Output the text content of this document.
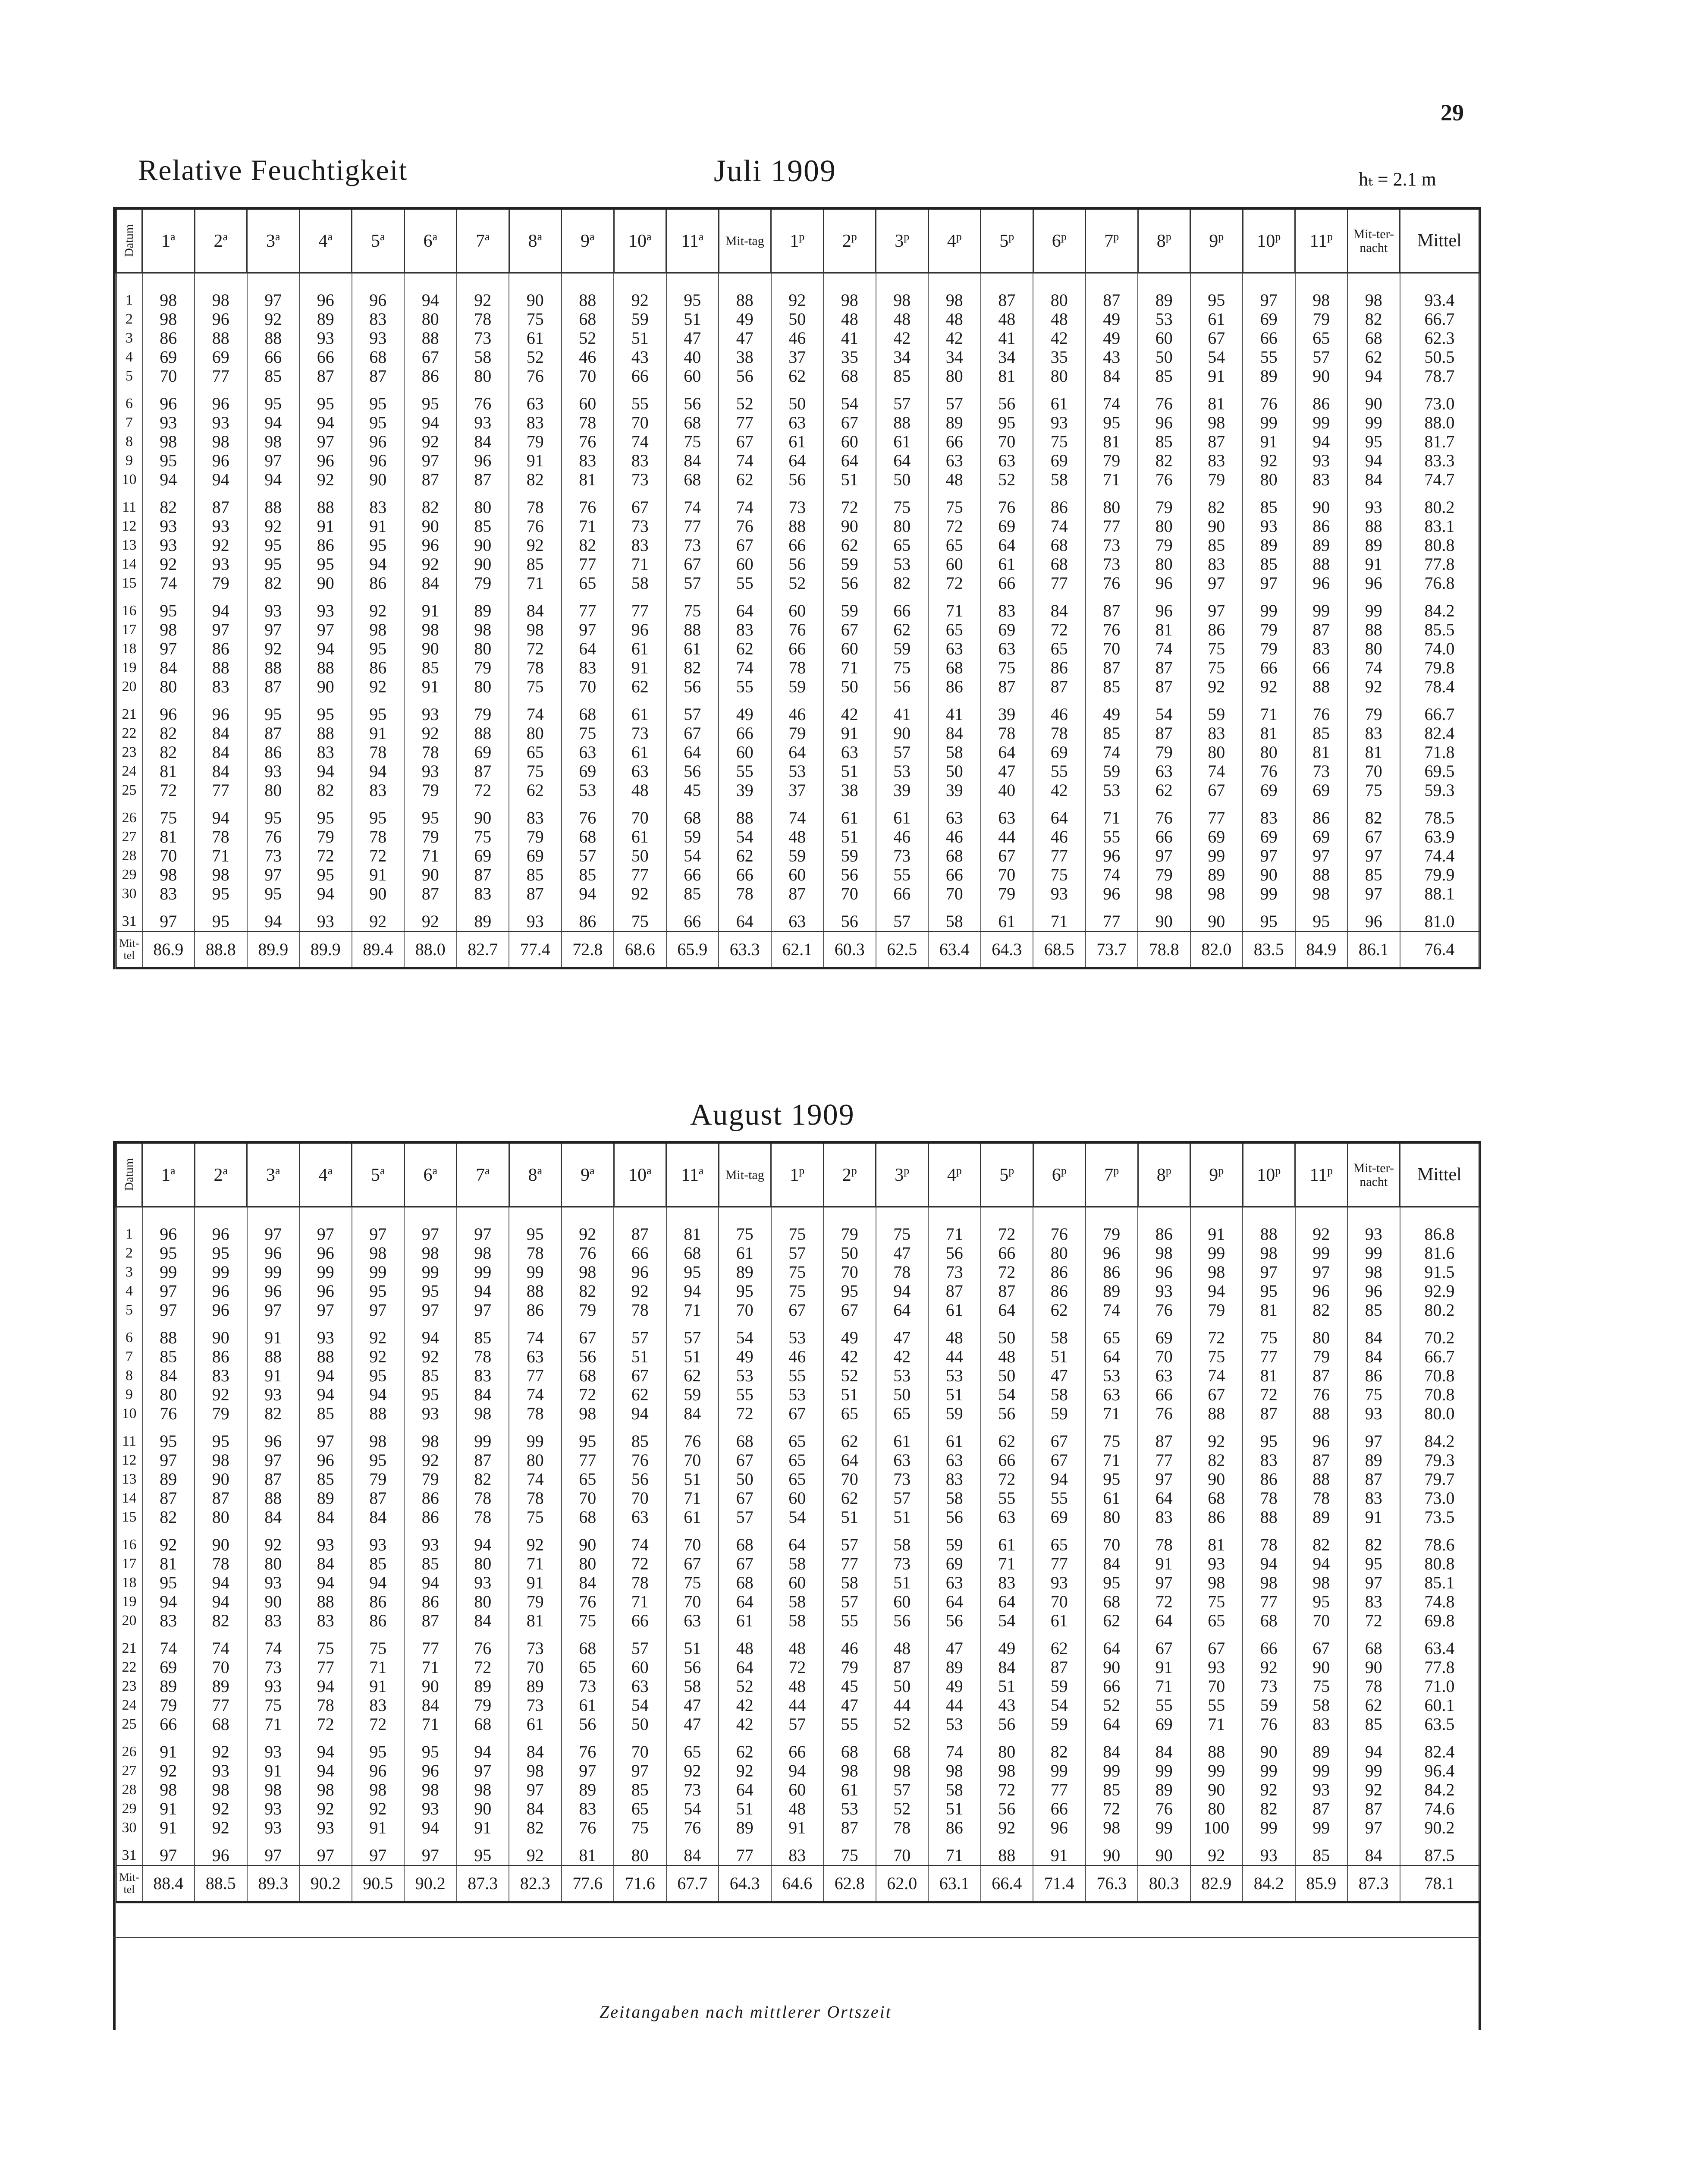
29
Relative Feuchtigkeit	Juli 1909	hₜ = 2.1 m
Datum	1$^a$	2$^a$	3$^a$	4$^a$	5$^a$	6$^a$	7$^a$	8$^a$	9$^a$	10$^a$	11$^a$	Mit-tag	1$^p$	2$^p$	3$^p$	4$^p$	5$^p$	6$^p$	7$^p$	8$^p$	9$^p$	10$^p$	11$^p$	Mit-ter-nacht	Mittel
1	98	98	97	96	96	94	92	90	88	92	95	88	92	98	98	98	87	80	87	89	95	97	98	98	93.4
2	98	96	92	89	83	80	78	75	68	59	51	49	50	48	48	48	48	48	49	53	61	69	79	82	66.7
3	86	88	88	93	93	88	73	61	52	51	47	47	46	41	42	42	41	42	49	60	67	66	65	68	62.3
4	69	69	66	66	68	67	58	52	46	43	40	38	37	35	34	34	34	35	43	50	54	55	57	62	50.5
5	70	77	85	87	87	86	80	76	70	66	60	56	62	68	85	80	81	80	84	85	91	89	90	94	78.7
6	96	96	95	95	95	95	76	63	60	55	56	52	50	54	57	57	56	61	74	76	81	76	86	90	73.0
7	93	93	94	94	95	94	93	83	78	70	68	77	63	67	88	89	95	93	95	96	98	99	99	99	88.0
8	98	98	98	97	96	92	84	79	76	74	75	67	61	60	61	66	70	75	81	85	87	91	94	95	81.7
9	95	96	97	96	96	97	96	91	83	83	84	74	64	64	64	63	63	69	79	82	83	92	93	94	83.3
10	94	94	94	92	90	87	87	82	81	73	68	62	56	51	50	48	52	58	71	76	79	80	83	84	74.7
11	82	87	88	88	83	82	80	78	76	67	74	74	73	72	75	75	76	86	80	79	82	85	90	93	80.2
12	93	93	92	91	91	90	85	76	71	73	77	76	88	90	80	72	69	74	77	80	90	93	86	88	83.1
13	93	92	95	86	95	96	90	92	82	83	73	67	66	62	65	65	64	68	73	79	85	89	89	89	80.8
14	92	93	95	95	94	92	90	85	77	71	67	60	56	59	53	60	61	68	73	80	83	85	88	91	77.8
15	74	79	82	90	86	84	79	71	65	58	57	55	52	56	82	72	66	77	76	96	97	97	96	96	76.8
16	95	94	93	93	92	91	89	84	77	77	75	64	60	59	66	71	83	84	87	96	97	99	99	99	84.2
17	98	97	97	97	98	98	98	98	97	96	88	83	76	67	62	65	69	72	76	81	86	79	87	88	85.5
18	97	86	92	94	95	90	80	72	64	61	61	62	66	60	59	63	63	65	70	74	75	79	83	80	74.0
19	84	88	88	88	86	85	79	78	83	91	82	74	78	71	75	68	75	86	87	87	75	66	66	74	79.8
20	80	83	87	90	92	91	80	75	70	62	56	55	59	50	56	86	87	87	85	87	92	92	88	92	78.4
21	96	96	95	95	95	93	79	74	68	61	57	49	46	42	41	41	39	46	49	54	59	71	76	79	66.7
22	82	84	87	88	91	92	88	80	75	73	67	66	79	91	90	84	78	78	85	87	83	81	85	83	82.4
23	82	84	86	83	78	78	69	65	63	61	64	60	64	63	57	58	64	69	74	79	80	80	81	81	71.8
24	81	84	93	94	94	93	87	75	69	63	56	55	53	51	53	50	47	55	59	63	74	76	73	70	69.5
25	72	77	80	82	83	79	72	62	53	48	45	39	37	38	39	39	40	42	53	62	67	69	69	75	59.3
26	75	94	95	95	95	95	90	83	76	70	68	88	74	61	61	63	63	64	71	76	77	83	86	82	78.5
27	81	78	76	79	78	79	75	79	68	61	59	54	48	51	46	46	44	46	55	66	69	69	69	67	63.9
28	70	71	73	72	72	71	69	69	57	50	54	62	59	59	73	68	67	77	96	97	99	97	97	97	74.4
29	98	98	97	95	91	90	87	85	85	77	66	66	60	56	55	66	70	75	74	79	89	90	88	85	79.9
30	83	95	95	94	90	87	83	87	94	92	85	78	87	70	66	70	79	93	96	98	98	99	98	97	88.1
31	97	95	94	93	92	92	89	93	86	75	66	64	63	56	57	58	61	71	77	90	90	95	95	96	81.0
Mit-tel	86.9	88.8	89.9	89.9	89.4	88.0	82.7	77.4	72.8	68.6	65.9	63.3	62.1	60.3	62.5	63.4	64.3	68.5	73.7	78.8	82.0	83.5	84.9	86.1	76.4
August 1909
Datum	1$^a$	2$^a$	3$^a$	4$^a$	5$^a$	6$^a$	7$^a$	8$^a$	9$^a$	10$^a$	11$^a$	Mit-tag	1$^p$	2$^p$	3$^p$	4$^p$	5$^p$	6$^p$	7$^p$	8$^p$	9$^p$	10$^p$	11$^p$	Mit-ter-nacht	Mittel
1	96	96	97	97	97	97	97	95	92	87	81	75	75	79	75	71	72	76	79	86	91	88	92	93	86.8
2	95	95	96	96	98	98	98	78	76	66	68	61	57	50	47	56	66	80	96	98	99	98	99	99	81.6
3	99	99	99	99	99	99	99	99	98	96	95	89	75	70	78	73	72	86	86	96	98	97	97	98	91.5
4	97	96	96	96	95	95	94	88	82	92	94	95	75	95	94	87	87	86	89	93	94	95	96	96	92.9
5	97	96	97	97	97	97	97	86	79	78	71	70	67	67	64	61	64	62	74	76	79	81	82	85	80.2
6	88	90	91	93	92	94	85	74	67	57	57	54	53	49	47	48	50	58	65	69	72	75	80	84	70.2
7	85	86	88	88	92	92	78	63	56	51	51	49	46	42	42	44	48	51	64	70	75	77	79	84	66.7
8	84	83	91	94	95	85	83	77	68	67	62	53	55	52	53	53	50	47	53	63	74	81	87	86	70.8
9	80	92	93	94	94	95	84	74	72	62	59	55	53	51	50	51	54	58	63	66	67	72	76	75	70.8
10	76	79	82	85	88	93	98	78	98	94	84	72	67	65	65	59	56	59	71	76	88	87	88	93	80.0
11	95	95	96	97	98	98	99	99	95	85	76	68	65	62	61	61	62	67	75	87	92	95	96	97	84.2
12	97	98	97	96	95	92	87	80	77	76	70	67	65	64	63	63	66	67	71	77	82	83	87	89	79.3
13	89	90	87	85	79	79	82	74	65	56	51	50	65	70	73	83	72	94	95	97	90	86	88	87	79.7
14	87	87	88	89	87	86	78	78	70	70	71	67	60	62	57	58	55	55	61	64	68	78	78	83	73.0
15	82	80	84	84	84	86	78	75	68	63	61	57	54	51	51	56	63	69	80	83	86	88	89	91	73.5
16	92	90	92	93	93	93	94	92	90	74	70	68	64	57	58	59	61	65	70	78	81	78	82	82	78.6
17	81	78	80	84	85	85	80	71	80	72	67	67	58	77	73	69	71	77	84	91	93	94	94	95	80.8
18	95	94	93	94	94	94	93	91	84	78	75	68	60	58	51	63	83	93	95	97	98	98	98	97	85.1
19	94	94	90	88	86	86	80	79	76	71	70	64	58	57	60	64	64	70	68	72	75	77	95	83	74.8
20	83	82	83	83	86	87	84	81	75	66	63	61	58	55	56	56	54	61	62	64	65	68	70	72	69.8
21	74	74	74	75	75	77	76	73	68	57	51	48	48	46	48	47	49	62	64	67	67	66	67	68	63.4
22	69	70	73	77	71	71	72	70	65	60	56	64	72	79	87	89	84	87	90	91	93	92	90	90	77.8
23	89	89	93	94	91	90	89	89	73	63	58	52	48	45	50	49	51	59	66	71	70	73	75	78	71.0
24	79	77	75	78	83	84	79	73	61	54	47	42	44	47	44	44	43	54	52	55	55	59	58	62	60.1
25	66	68	71	72	72	71	68	61	56	50	47	42	57	55	52	53	56	59	64	69	71	76	83	85	63.5
26	91	92	93	94	95	95	94	84	76	70	65	62	66	68	68	74	80	82	84	84	88	90	89	94	82.4
27	92	93	91	94	96	96	97	98	97	97	92	92	94	98	98	98	98	99	99	99	99	99	99	99	96.4
28	98	98	98	98	98	98	98	97	89	85	73	64	60	61	57	58	72	77	85	89	90	92	93	92	84.2
29	91	92	93	92	92	93	90	84	83	65	54	51	48	53	52	51	56	66	72	76	80	82	87	87	74.6
30	91	92	93	93	91	94	91	82	76	75	76	89	91	87	78	86	92	96	98	99	100	99	99	97	90.2
31	97	96	97	97	97	97	95	92	81	80	84	77	83	75	70	71	88	91	90	90	92	93	85	84	87.5
Mit-tel	88.4	88.5	89.3	90.2	90.5	90.2	87.3	82.3	77.6	71.6	67.7	64.3	64.6	62.8	62.0	63.1	66.4	71.4	76.3	80.3	82.9	84.2	85.9	87.3	78.1
Zeitangaben nach mittlerer Ortszeit
